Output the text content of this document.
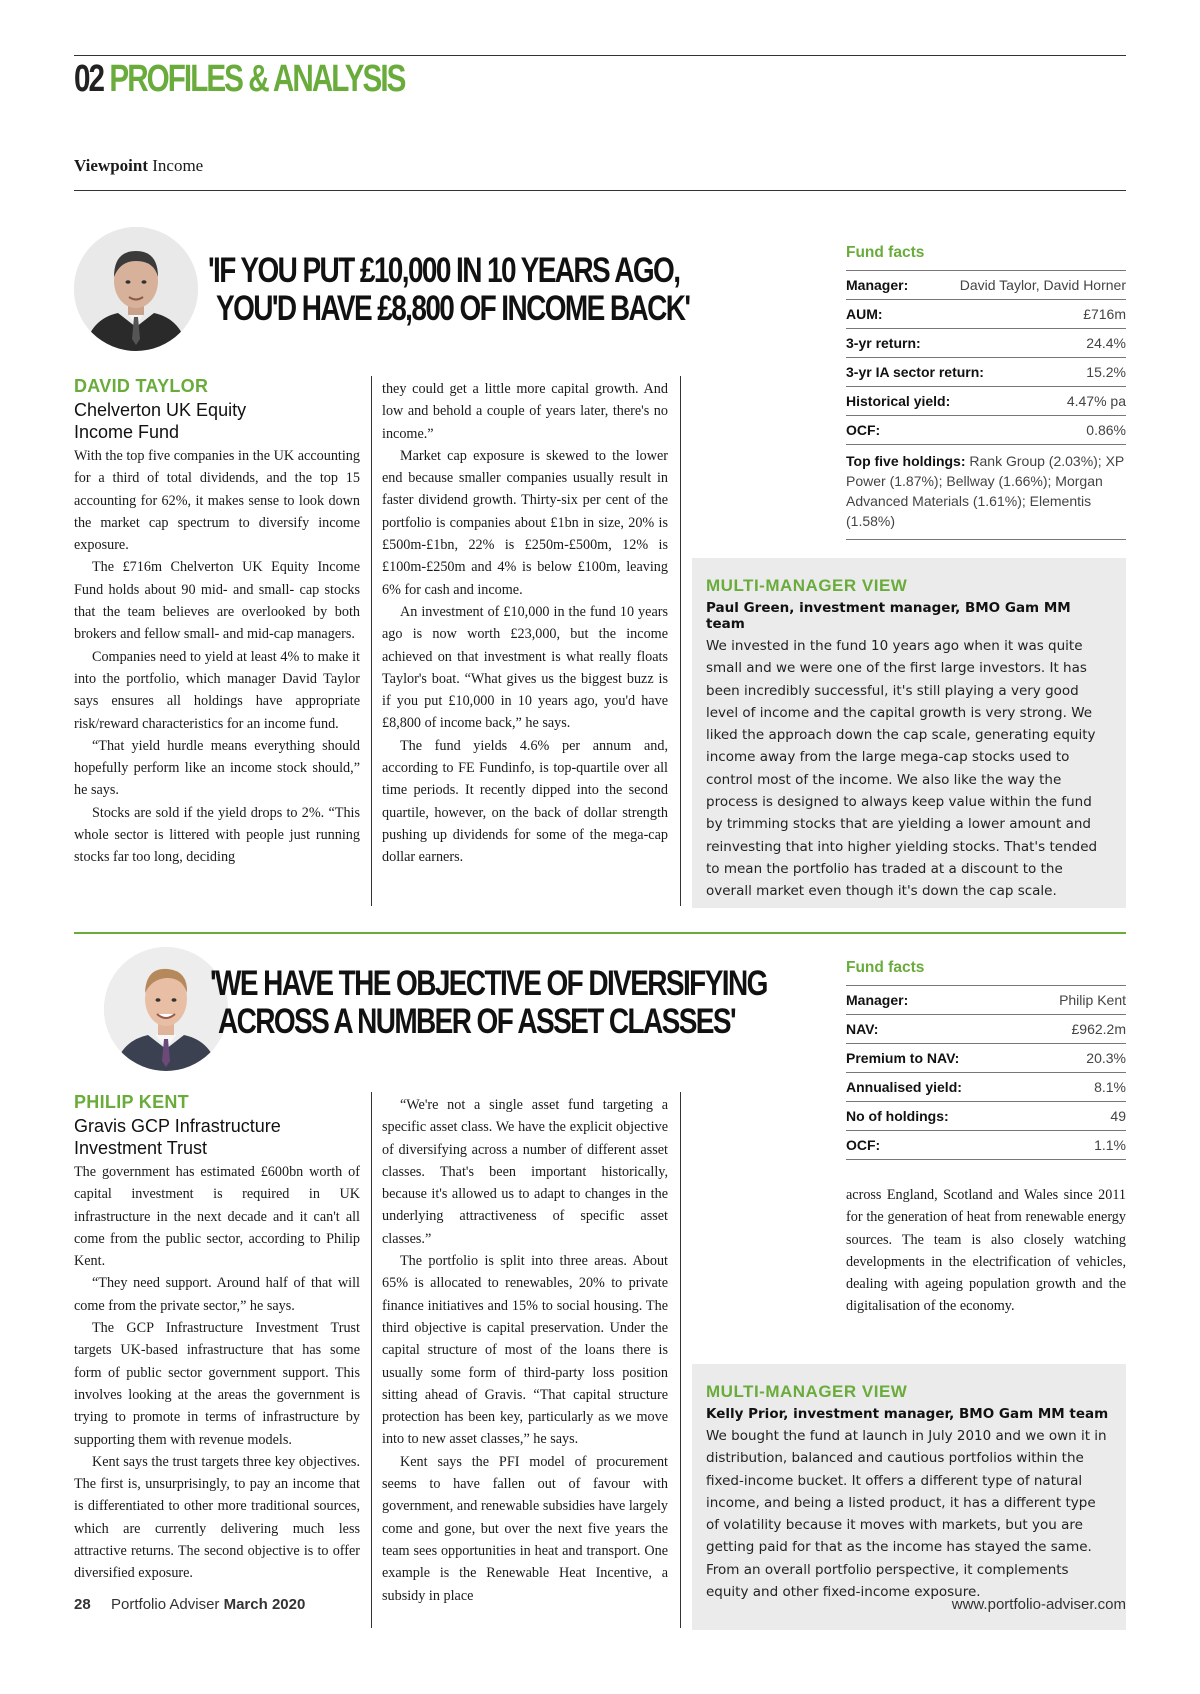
02 PROFILES & ANALYSIS
Viewpoint Income
'IF YOU PUT £10,000 IN 10 YEARS AGO,
YOU'D HAVE £8,800 OF INCOME BACK'
DAVID TAYLOR
Chelverton UK Equity
Income Fund

With the top five companies in the UK accounting for a third of total dividends, and the top 15 accounting for 62%, it makes sense to look down the market cap spectrum to diversify income exposure.

The £716m Chelverton UK Equity Income Fund holds about 90 mid- and small- cap stocks that the team believes are overlooked by both brokers and fellow small- and mid-cap managers.

Companies need to yield at least 4% to make it into the portfolio, which manager David Taylor says ensures all holdings have appropriate risk/reward characteristics for an income fund.

“That yield hurdle means everything should hopefully perform like an income stock should,” he says.

Stocks are sold if the yield drops to 2%. “This whole sector is littered with people just running stocks far too long, deciding

they could get a little more capital growth. And low and behold a couple of years later, there's no income.”

Market cap exposure is skewed to the lower end because smaller companies usually result in faster dividend growth. Thirty-six per cent of the portfolio is companies about £1bn in size, 20% is £500m-£1bn, 22% is £250m-£500m, 12% is £100m-£250m and 4% is below £100m, leaving 6% for cash and income.

An investment of £10,000 in the fund 10 years ago is now worth £23,000, but the income achieved on that investment is what really floats Taylor's boat. “What gives us the biggest buzz is if you put £10,000 in 10 years ago, you'd have £8,800 of income back,” he says.

The fund yields 4.6% per annum and, according to FE Fundinfo, is top-quartile over all time periods. It recently dipped into the second quartile, however, on the back of dollar strength pushing up dividends for some of the mega-cap dollar earners.

Fund facts
Manager:	David Taylor, David Horner
AUM:	£716m
3-yr return:	24.4%
3-yr IA sector return:	15.2%
Historical yield:	4.47% pa
OCF:	0.86%
Top five holdings: Rank Group (2.03%); XP Power (1.87%); Bellway (1.66%); Morgan Advanced Materials (1.61%); Elementis (1.58%)
MULTI-MANAGER VIEW
Paul Green, investment manager, BMO Gam MM team
We invested in the fund 10 years ago when it was quite small and we were one of the first large investors. It has been incredibly successful, it's still playing a very good level of income and the capital growth is very strong. We liked the approach down the cap scale, generating equity income away from the large mega-cap stocks used to control most of the income. We also like the way the process is designed to always keep value within the fund by trimming stocks that are yielding a lower amount and reinvesting that into higher yielding stocks. That's tended to mean the portfolio has traded at a discount to the overall market even though it's down the cap scale.
'WE HAVE THE OBJECTIVE OF DIVERSIFYING
ACROSS A NUMBER OF ASSET CLASSES'
PHILIP KENT
Gravis GCP Infrastructure
Investment Trust

The government has estimated £600bn worth of capital investment is required in UK infrastructure in the next decade and it can't all come from the public sector, according to Philip Kent.

“They need support. Around half of that will come from the private sector,” he says.

The GCP Infrastructure Investment Trust targets UK-based infrastructure that has some form of public sector government support. This involves looking at the areas the government is trying to promote in terms of infrastructure by supporting them with revenue models.

Kent says the trust targets three key objectives. The first is, unsurprisingly, to pay an income that is differentiated to other more traditional sources, which are currently delivering much less attractive returns. The second objective is to offer diversified exposure.

“We're not a single asset fund targeting a specific asset class. We have the explicit objective of diversifying across a number of different asset classes. That's been important historically, because it's allowed us to adapt to changes in the underlying attractiveness of specific asset classes.”

The portfolio is split into three areas. About 65% is allocated to renewables, 20% to private finance initiatives and 15% to social housing. The third objective is capital preservation. Under the capital structure of most of the loans there is usually some form of third-party loss position sitting ahead of Gravis. “That capital structure protection has been key, particularly as we move into to new asset classes,” he says.

Kent says the PFI model of procurement seems to have fallen out of favour with government, and renewable subsidies have largely come and gone, but over the next five years the team sees opportunities in heat and transport. One example is the Renewable Heat Incentive, a subsidy in place

Fund facts
Manager:	Philip Kent
NAV:	£962.2m
Premium to NAV:	20.3%
Annualised yield:	8.1%
No of holdings:	49
OCF:	1.1%

across England, Scotland and Wales since 2011 for the generation of heat from renewable energy sources. The team is also closely watching developments in the electrification of vehicles, dealing with ageing population growth and the digitalisation of the economy.

MULTI-MANAGER VIEW
Kelly Prior, investment manager, BMO Gam MM team
We bought the fund at launch in July 2010 and we own it in distribution, balanced and cautious portfolios within the fixed-income bucket. It offers a different type of natural income, and being a listed product, it has a different type of volatility because it moves with markets, but you are getting paid for that as the income has stayed the same. From an overall portfolio perspective, it complements equity and other fixed-income exposure.
28 Portfolio Adviser March 2020	www.portfolio-adviser.com
